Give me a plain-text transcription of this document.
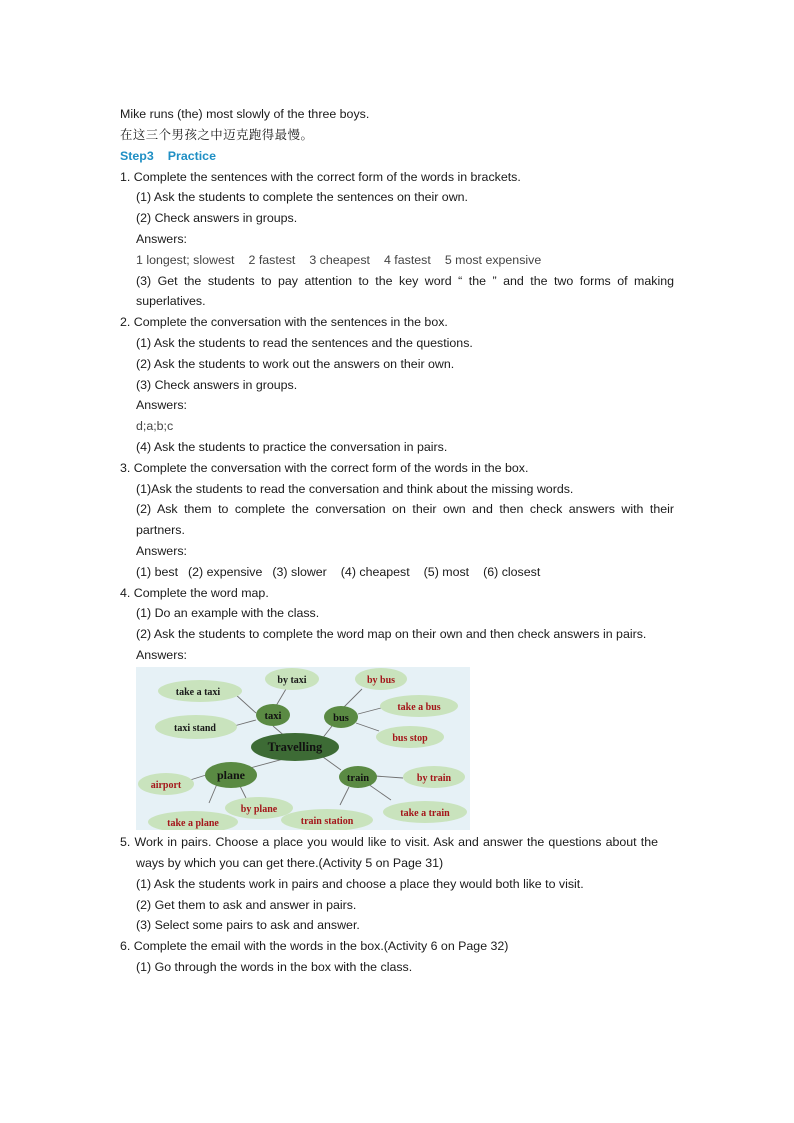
Mike runs (the) most slowly of the three boys.
在这三个男孩之中迈克跑得最慢。
Step3 Practice
1. Complete the sentences with the correct form of the words in brackets.
(1) Ask the students to complete the sentences on their own.
(2) Check answers in groups.
Answers:
1 longest; slowest 2 fastest 3 cheapest 4 fastest 5 most expensive
(3) Get the students to pay attention to the key word “ the ” and the two forms of making
superlatives.
2. Complete the conversation with the sentences in the box.
(1) Ask the students to read the sentences and the questions.
(2) Ask the students to work out the answers on their own.
(3) Check answers in groups.
Answers:
d;a;b;c
(4) Ask the students to practice the conversation in pairs.
3. Complete the conversation with the correct form of the words in the box.
(1)Ask the students to read the conversation and think about the missing words.
(2) Ask them to complete the conversation on their own and then check answers with their
partners.
Answers:
(1) best (2) expensive (3) slower (4) cheapest (5) most (6) closest
4. Complete the word map.
(1) Do an example with the class.
(2) Ask the students to complete the word map on their own and then check answers in pairs.
Answers:
Travelling
taxi	bus
plane	train
by taxi
take a taxi
taxi stand
by bus
take a bus
bus stop
airport
by plane
take a plane	train station
by train
take a train
5. Work in pairs. Choose a place you would like to visit. Ask and answer the questions about the
ways by which you can get there.(Activity 5 on Page 31)
(1) Ask the students work in pairs and choose a place they would both like to visit.
(2) Get them to ask and answer in pairs.
(3) Select some pairs to ask and answer.
6. Complete the email with the words in the box.(Activity 6 on Page 32)
(1) Go through the words in the box with the class.
